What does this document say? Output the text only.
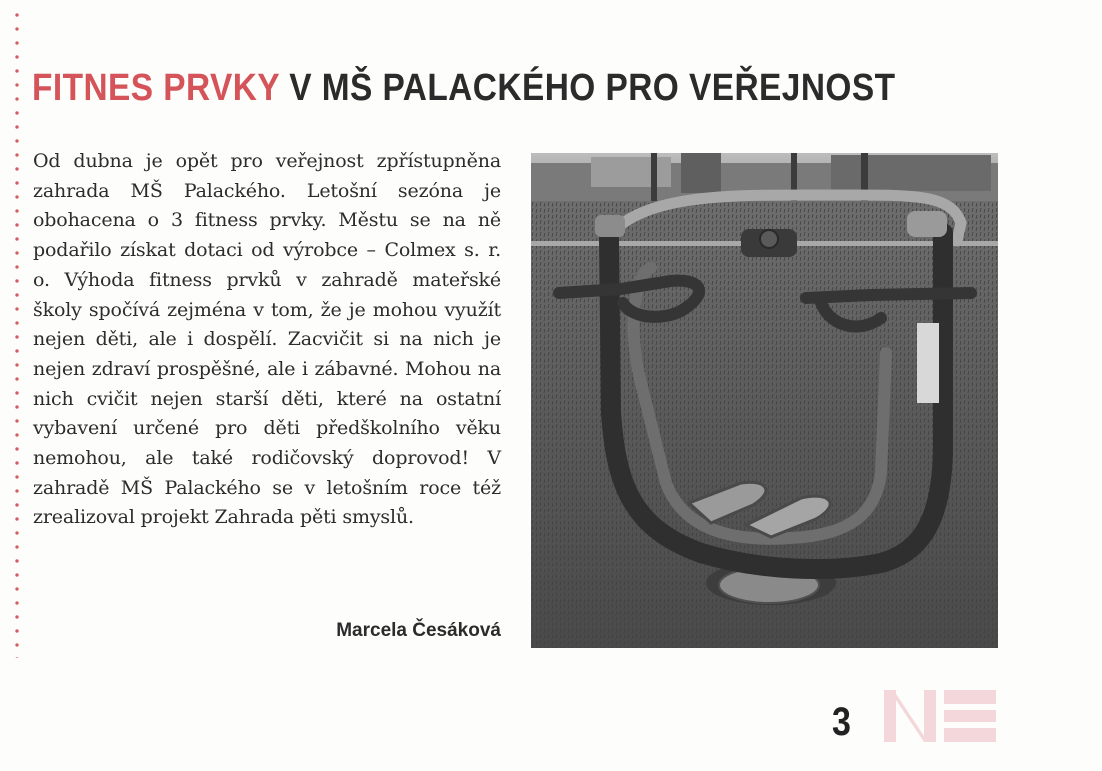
FITNES PRVKY V MŠ PALACKÉHO PRO VEŘEJNOST

Od dubna je opět pro veřejnost zpřístupněna zahrada MŠ Palackého. Letošní sezóna je obohacena o 3 fitness prvky. Městu se na ně podařilo získat dotaci od výrobce – Colmex s. r. o. Výhoda fitness prvků v zahradě mateřské školy spočívá zejména v tom, že je mohou využít nejen děti, ale i dospělí. Zacvičit si na nich je nejen zdraví prospěšné, ale i zábavné. Mohou na nich cvičit nejen starší děti, které na ostatní vybavení určené pro děti předškolního věku nemohou, ale také rodičovský doprovod! V zahradě MŠ Palackého se v letošním roce též zrealizoval projekt Zahrada pěti smyslů.

Marcela Česáková
3
